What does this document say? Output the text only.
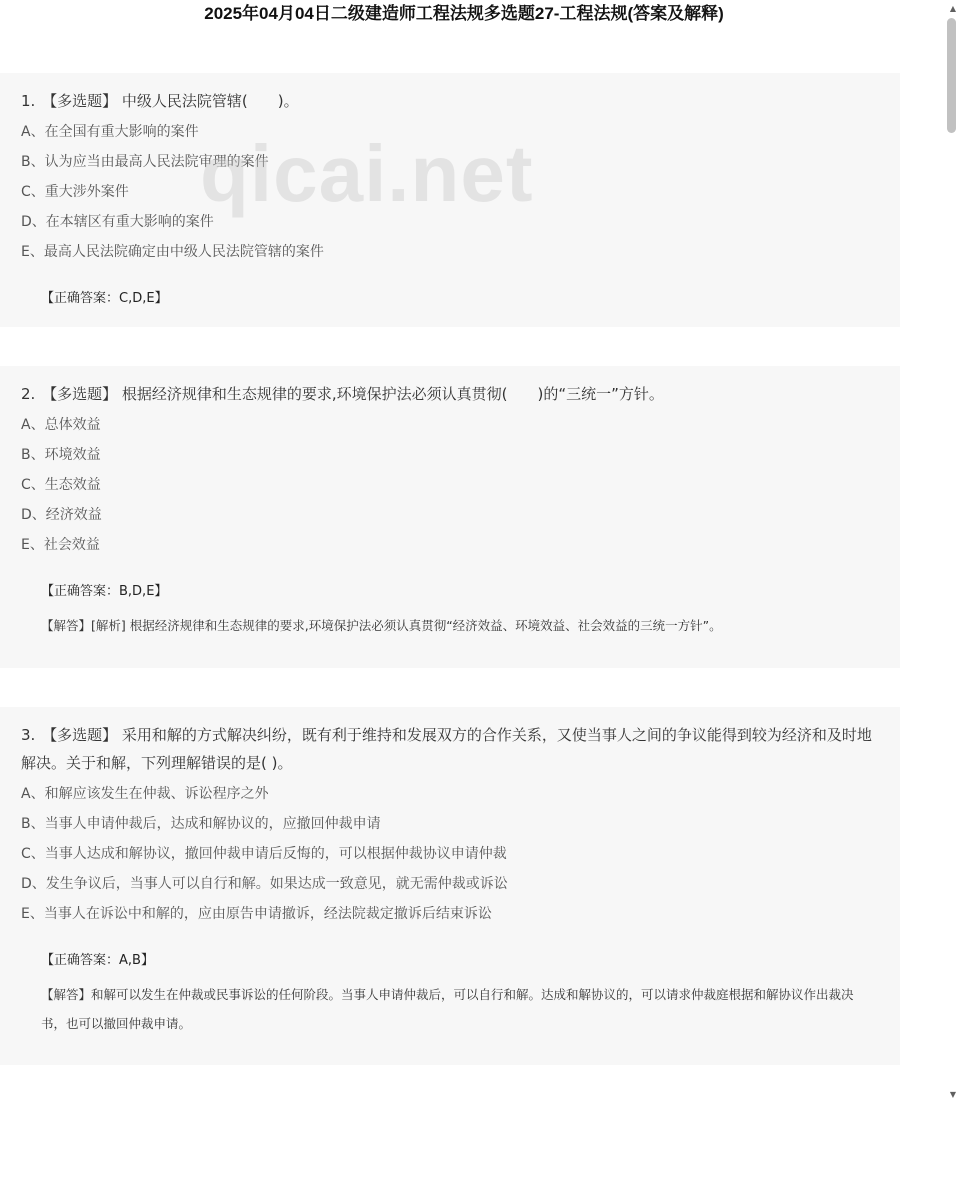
2025年04月04日二级建造师工程法规多选题27-工程法规(答案及解释)
qicai.net
1. 【多选题】 中级人民法院管辖(　　)。
A、在全国有重大影响的案件
B、认为应当由最高人民法院审理的案件
C、重大涉外案件
D、在本辖区有重大影响的案件
E、最高人民法院确定由中级人民法院管辖的案件
【正确答案：C,D,E】
2. 【多选题】 根据经济规律和生态规律的要求,环境保护法必须认真贯彻(　　)的“三统一”方针。
A、总体效益
B、环境效益
C、生态效益
D、经济效益
E、社会效益
【正确答案：B,D,E】
【解答】[解析] 根据经济规律和生态规律的要求,环境保护法必须认真贯彻“经济效益、环境效益、社会效益的三统一方针”。
3. 【多选题】 采用和解的方式解决纠纷，既有利于维持和发展双方的合作关系，又使当事人之间的争议能得到较为经济和及时地解决。关于和解，下列理解错误的是( )。
A、和解应该发生在仲裁、诉讼程序之外
B、当事人申请仲裁后，达成和解协议的，应撤回仲裁申请
C、当事人达成和解协议，撤回仲裁申请后反悔的，可以根据仲裁协议申请仲裁
D、发生争议后，当事人可以自行和解。如果达成一致意见，就无需仲裁或诉讼
E、当事人在诉讼中和解的，应由原告申请撤诉，经法院裁定撤诉后结束诉讼
【正确答案：A,B】
【解答】和解可以发生在仲裁或民事诉讼的任何阶段。当事人申请仲裁后，可以自行和解。达成和解协议的，可以请求仲裁庭根据和解协议作出裁决书，也可以撤回仲裁申请。
▲
▼
